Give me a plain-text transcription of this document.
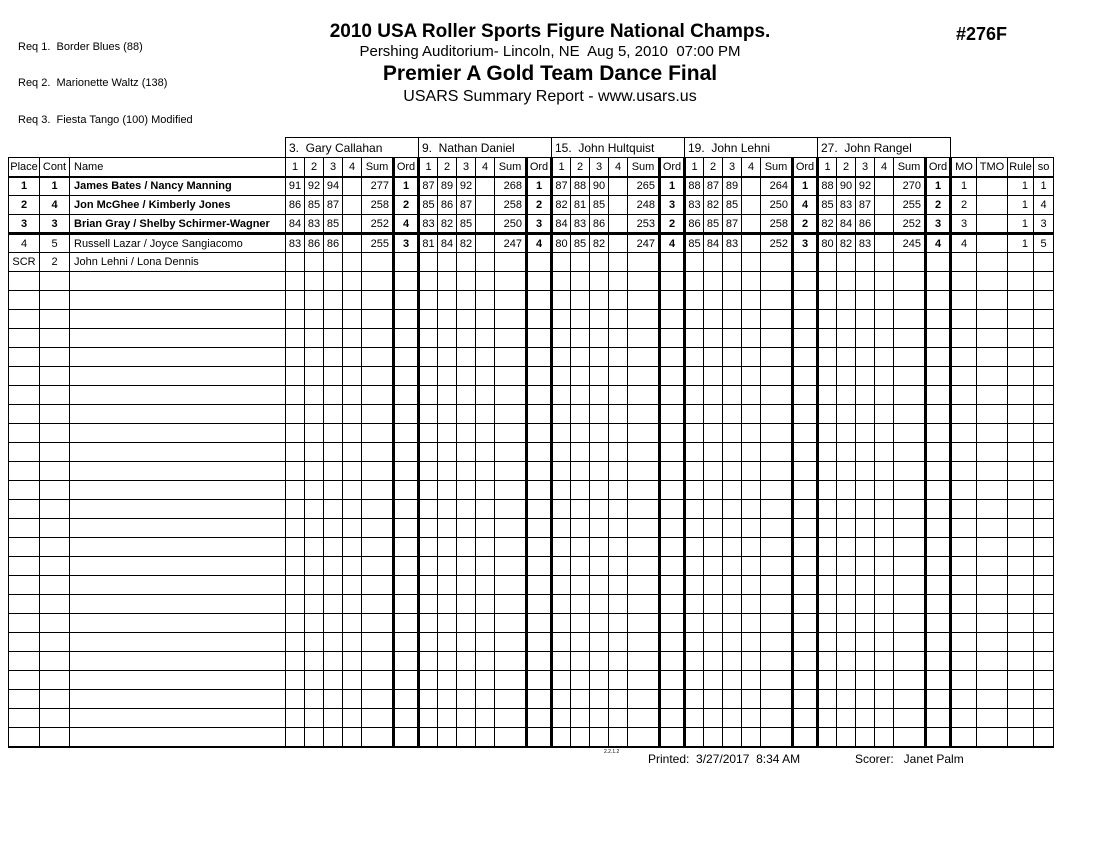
Req 1.  Border Blues (88)

Req 2.  Marionette Waltz (138)

Req 3.  Fiesta Tango (100) Modified

2010 USA Roller Sports Figure National Champs.
Pershing Auditorium- Lincoln, NE  Aug 5, 2010  07:00 PM
Premier A Gold Team Dance Final
USARS Summary Report - www.usars.us
#276F
			3.  Gary Callahan						9.  Nathan Daniel						15.  John Hultquist						19.  John Lehni						27.  John Rangel									
Place	Cont	Name	1	2	3	4	Sum	Ord	1	2	3	4	Sum	Ord	1	2	3	4	Sum	Ord	1	2	3	4	Sum	Ord	1	2	3	4	Sum	Ord	MO	TMO	Rule	so
1	1	James Bates / Nancy Manning	91	92	94		277	1	87	89	92		268	1	87	88	90		265	1	88	87	89		264	1	88	90	92		270	1	1		1	1
2	4	Jon McGhee / Kimberly Jones	86	85	87		258	2	85	86	87		258	2	82	81	85		248	3	83	82	85		250	4	85	83	87		255	2	2		1	4
3	3	Brian Gray / Shelby Schirmer-Wagner	84	83	85		252	4	83	82	85		250	3	84	83	86		253	2	86	85	87		258	2	82	84	86		252	3	3		1	3
4	5	Russell Lazar / Joyce Sangiacomo	83	86	86		255	3	81	84	82		247	4	80	85	82		247	4	85	84	83		252	3	80	82	83		245	4	4		1	5
SCR	2	John Lehni / Lona Dennis																																		

2.2.1.2 Printed:  3/27/2017  8:34 AM	Scorer:   Janet Palm
